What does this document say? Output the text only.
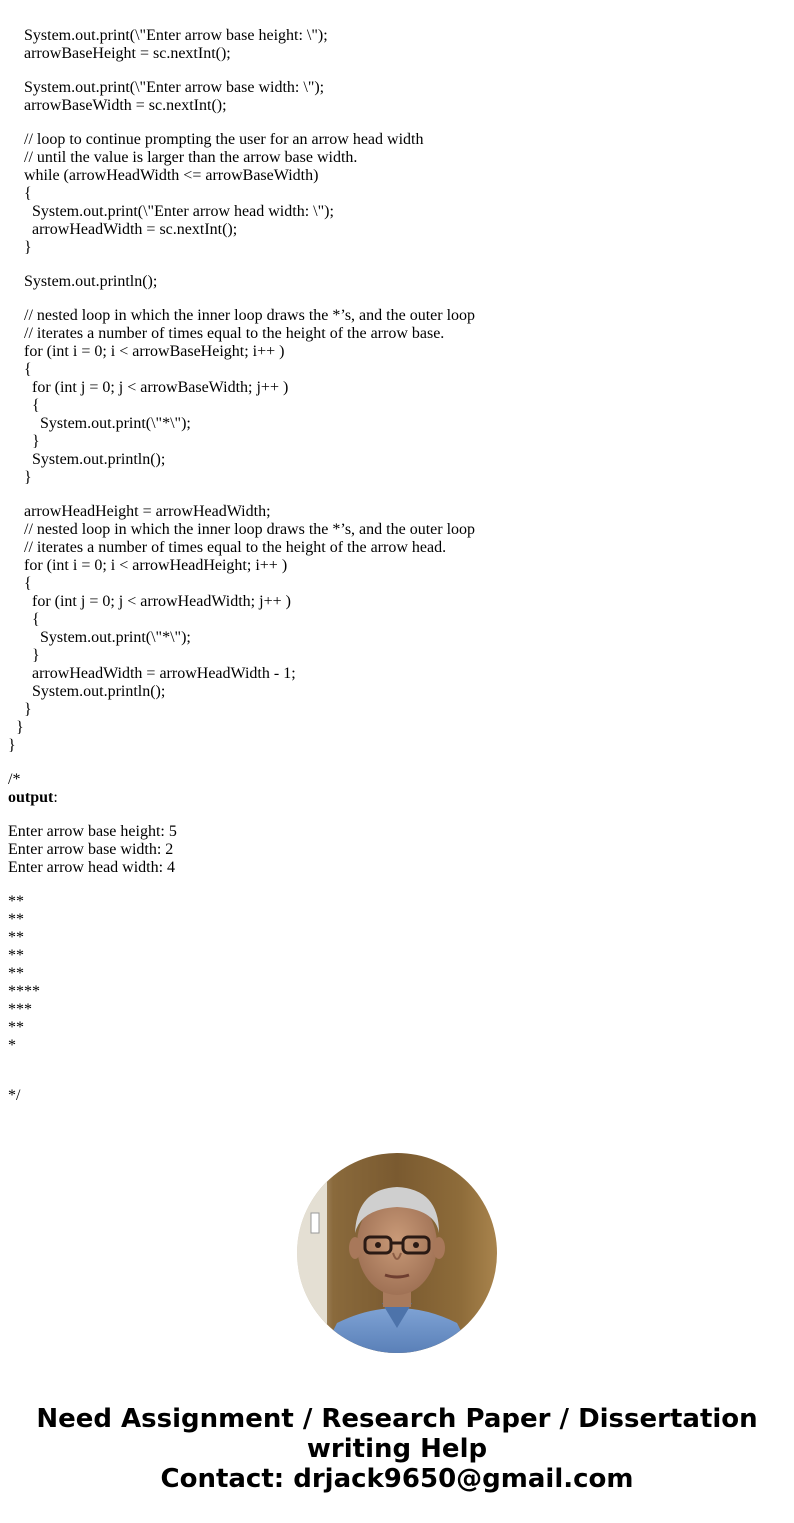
System.out.print(\"Enter arrow base height: \");
arrowBaseHeight = sc.nextInt();
System.out.print(\"Enter arrow base width: \");
arrowBaseWidth = sc.nextInt();
// loop to continue prompting the user for an arrow head width
// until the value is larger than the arrow base width.
while (arrowHeadWidth <= arrowBaseWidth)
{
System.out.print(\"Enter arrow head width: \");
arrowHeadWidth = sc.nextInt();
}
System.out.println();
// nested loop in which the inner loop draws the *’s, and the outer loop
// iterates a number of times equal to the height of the arrow base.
for (int i = 0; i < arrowBaseHeight; i++ )
{
for (int j = 0; j < arrowBaseWidth; j++ )
{
System.out.print(\"*\");
}
System.out.println();
}
arrowHeadHeight = arrowHeadWidth;
// nested loop in which the inner loop draws the *’s, and the outer loop
// iterates a number of times equal to the height of the arrow head.
for (int i = 0; i < arrowHeadHeight; i++ )
{
for (int j = 0; j < arrowHeadWidth; j++ )
{
System.out.print(\"*\");
}
arrowHeadWidth = arrowHeadWidth - 1;
System.out.println();
}
}
}
/*
output:
Enter arrow base height: 5
Enter arrow base width: 2
Enter arrow head width: 4
**
**
**
**
**
****
***
**
*
*/
Need Assignment / Research Paper / Dissertation
writing Help
Contact: drjack9650@gmail.com
